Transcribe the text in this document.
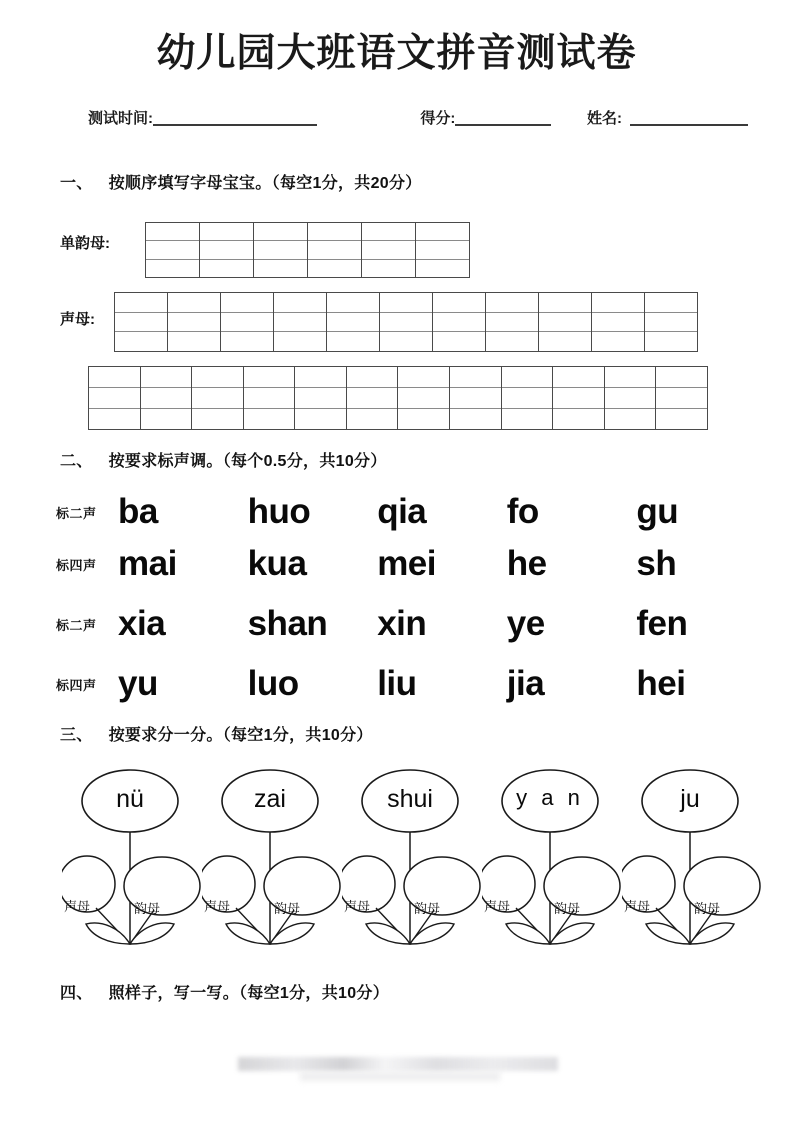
幼儿园大班语文拼音测试卷
测试时间:	得分:	姓名:
一、 按顺序填写字母宝宝。（每空1分，共20分）
单韵母:
声母:
二、 按要求标声调。（每个0.5分，共10分）
标二声 ba	huo	qia	fo	gu
标四声 mai	kua	mei	he	sh
标二声 xia	shan	xin	ye	fen
标四声 yu	luo	liu	jia	hei
三、 按要求分一分。（每空1分，共10分）
nü
声母	韵母
zai
声母	韵母
shui
声母	韵母
y a n
声母	韵母
ju
声母	韵母
四、 照样子，写一写。（每空1分，共10分）
